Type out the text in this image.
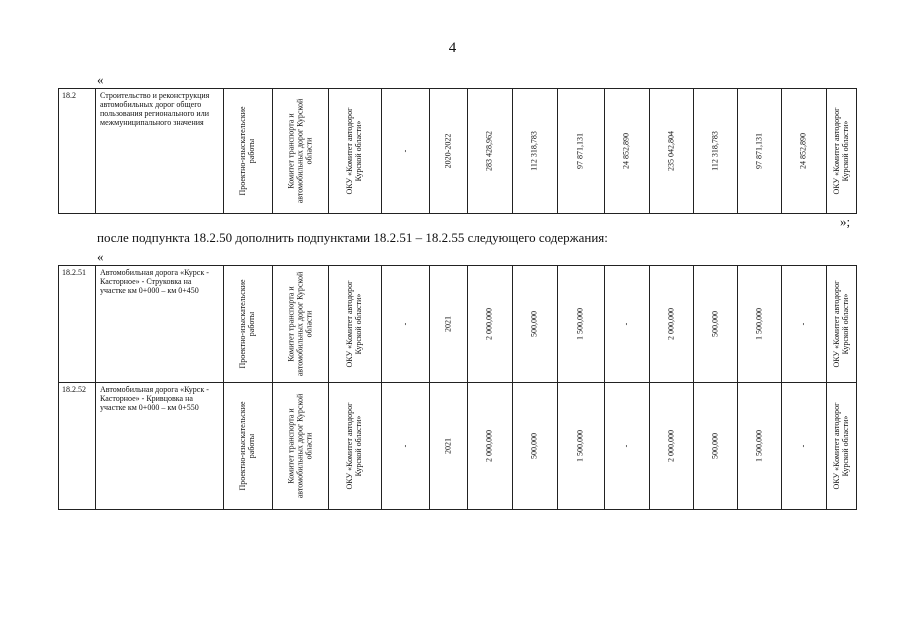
4
«
18.2	Строительство и реконструкция автомобильных дорог общего пользования регионального или межмуниципального значения	Проектно-изыскательские работы	Комитет транспорта и автомобильных дорог Курской области	ОКУ «Комитет автодорог Курской области»	-	2020-2022	283 428,962	112 318,783	97 871,131	24 852,890	235 042,804	112 318,783	97 871,131	24 852,890	ОКУ «Комитет автодорог Курской области»
»;
после подпункта 18.2.50 дополнить подпунктами 18.2.51 – 18.2.55 следующего содержания:
«
18.2.51	Автомобильная дорога «Курск - Касторное» - Струковка на участке км 0+000 – км 0+450	Проектно-изыскательские работы	Комитет транспорта и автомобильных дорог Курской области	ОКУ «Комитет автодорог Курской области»	-	2021	2 000,000	500,000	1 500,000	-	2 000,000	500,000	1 500,000	-	ОКУ «Комитет автодорог Курской области»

18.2.52	Автомобильная дорога «Курск - Касторное» - Кривцовка на участке км 0+000 – км 0+550	Проектно-изыскательские работы	Комитет транспорта и автомобильных дорог Курской области	ОКУ «Комитет автодорог Курской области»	-	2021	2 000,000	500,000	1 500,000	-	2 000,000	500,000	1 500,000	-	ОКУ «Комитет автодорог Курской области»
